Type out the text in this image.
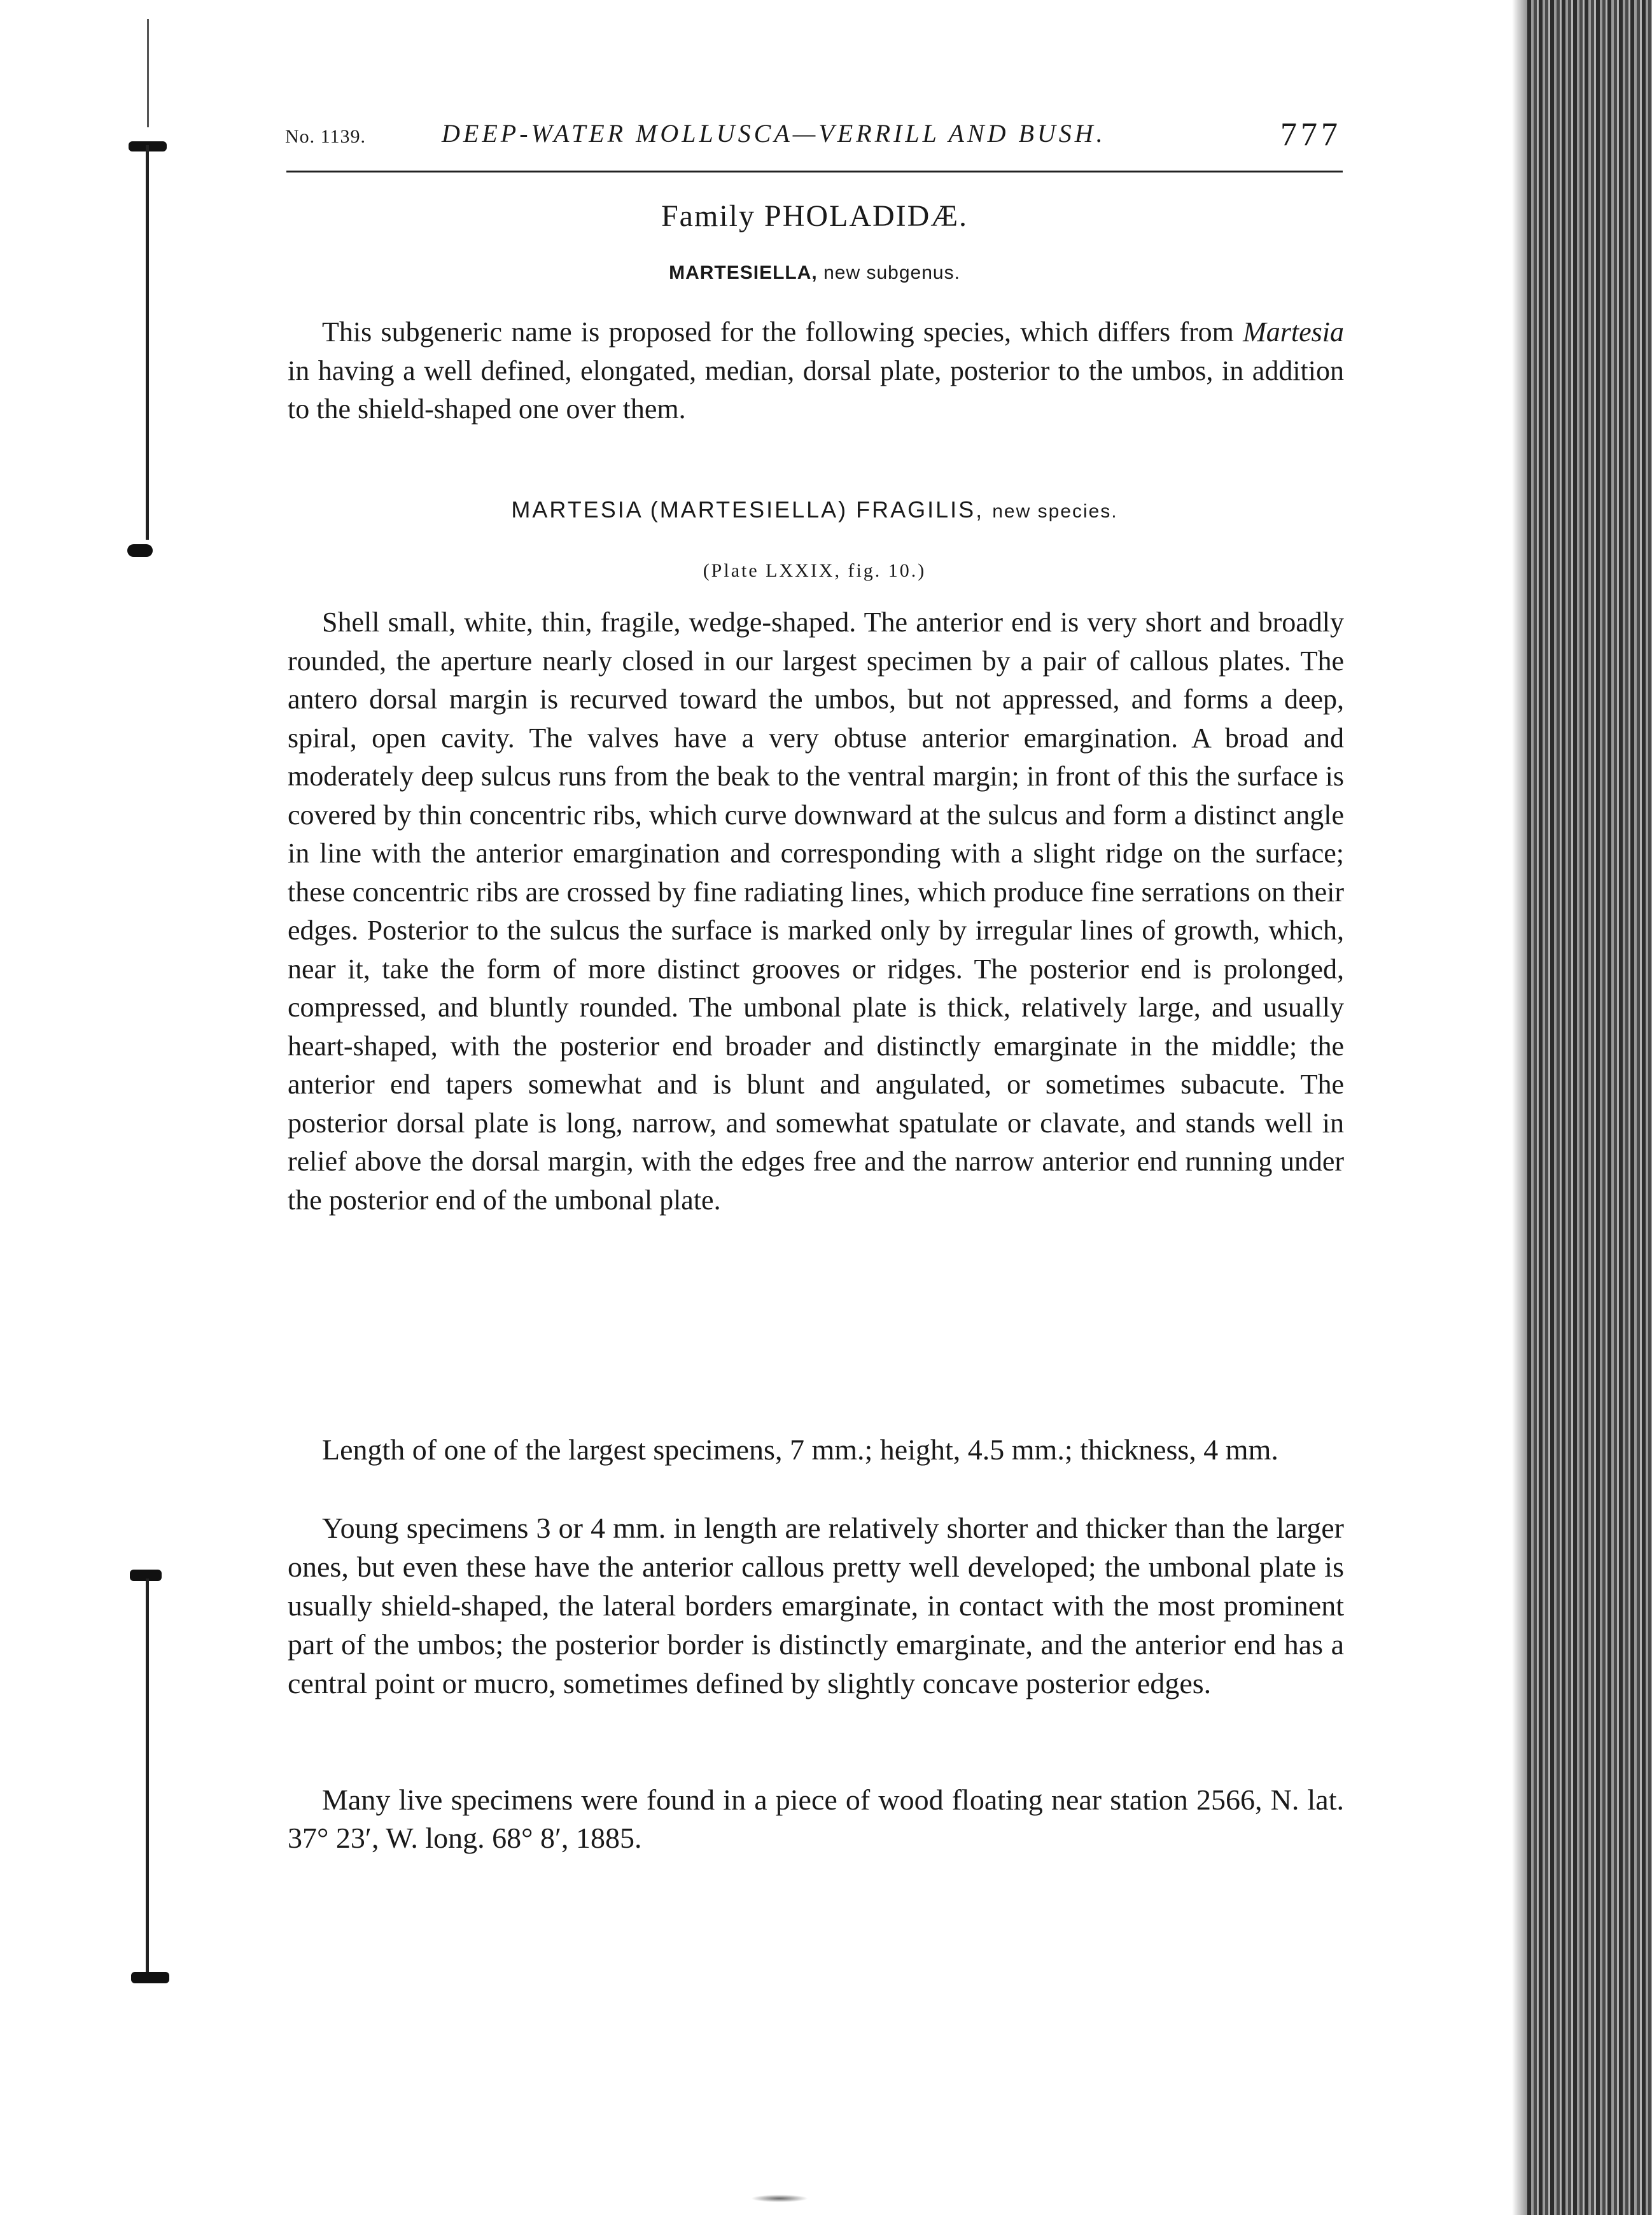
No. 1139.	DEEP-WATER MOLLUSCA—VERRILL AND BUSH.	777
Family PHOLADIDÆ.
MARTESIELLA, new subgenus.
This subgeneric name is proposed for the following species, which differs from Martesia in having a well defined, elongated, median, dorsal plate, posterior to the umbos, in addition to the shield-shaped one over them.
MARTESIA (MARTESIELLA) FRAGILIS, new species.
(Plate LXXIX, fig. 10.)
Shell small, white, thin, fragile, wedge-shaped. The anterior end is very short and broadly rounded, the aperture nearly closed in our largest specimen by a pair of callous plates. The antero dorsal margin is recurved toward the umbos, but not appressed, and forms a deep, spiral, open cavity. The valves have a very obtuse anterior emargination. A broad and moderately deep sulcus runs from the beak to the ventral margin; in front of this the surface is covered by thin concentric ribs, which curve downward at the sulcus and form a distinct angle in line with the anterior emargination and corresponding with a slight ridge on the surface; these concentric ribs are crossed by fine radiating lines, which produce fine serrations on their edges. Posterior to the sulcus the surface is marked only by irregular lines of growth, which, near it, take the form of more distinct grooves or ridges. The posterior end is prolonged, compressed, and bluntly rounded. The umbonal plate is thick, relatively large, and usually heart-shaped, with the posterior end broader and distinctly emarginate in the middle; the anterior end tapers somewhat and is blunt and angulated, or sometimes subacute. The posterior dorsal plate is long, narrow, and somewhat spatulate or clavate, and stands well in relief above the dorsal margin, with the edges free and the narrow anterior end running under the posterior end of the umbonal plate.
Length of one of the largest specimens, 7 mm.; height, 4.5 mm.; thickness, 4 mm.
Young specimens 3 or 4 mm. in length are relatively shorter and thicker than the larger ones, but even these have the anterior callous pretty well developed; the umbonal plate is usually shield-shaped, the lateral borders emarginate, in contact with the most prominent part of the umbos; the posterior border is distinctly emarginate, and the anterior end has a central point or mucro, sometimes defined by slightly concave posterior edges.
Many live specimens were found in a piece of wood floating near station 2566, N. lat. 37° 23′, W. long. 68° 8′, 1885.
